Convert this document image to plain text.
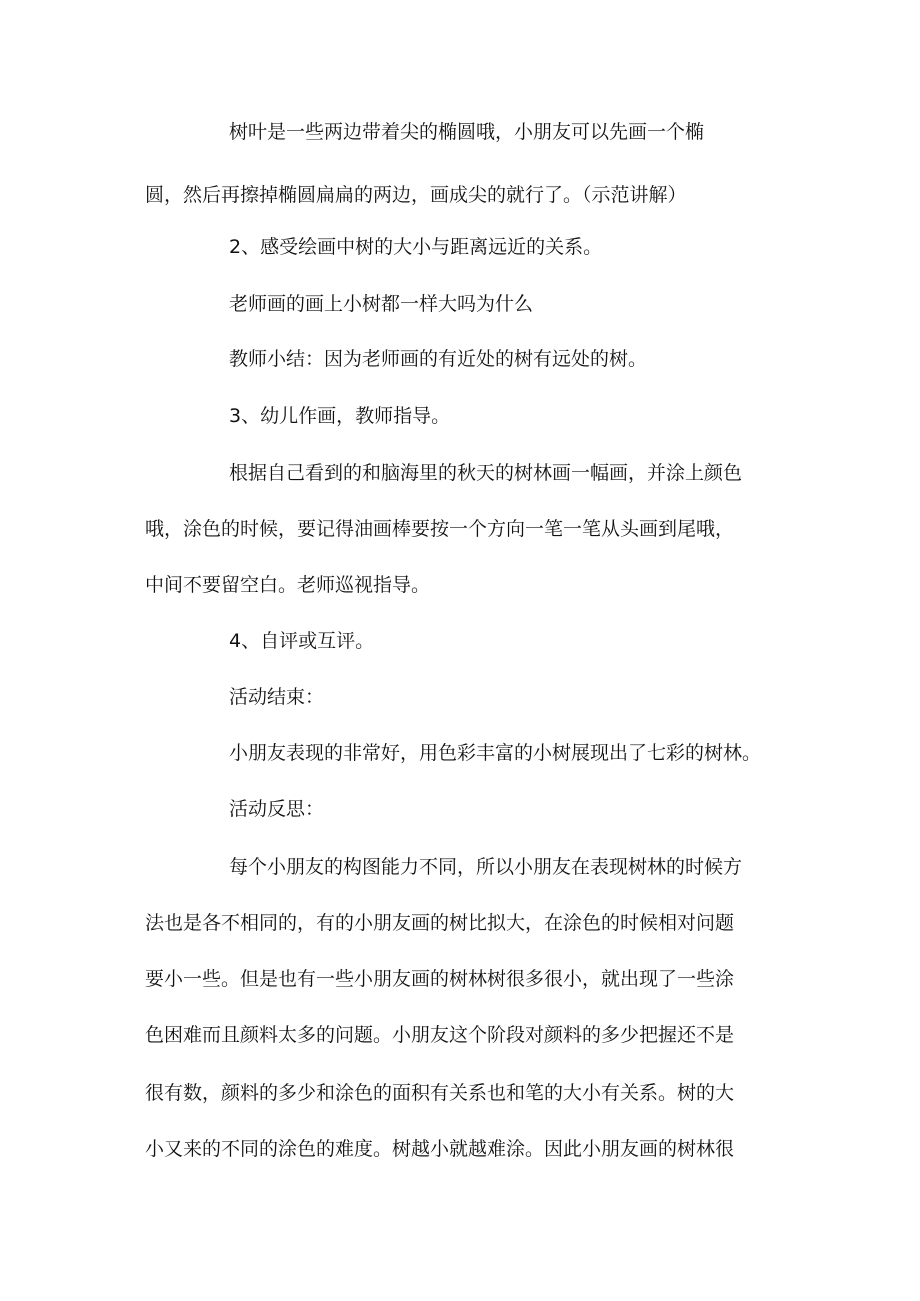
树叶是一些两边带着尖的椭圆哦，小朋友可以先画一个椭
圆，然后再擦掉椭圆扁扁的两边，画成尖的就行了。（示范讲解）
2、感受绘画中树的大小与距离远近的关系。
老师画的画上小树都一样大吗为什么
教师小结：因为老师画的有近处的树有远处的树。
3、幼儿作画，教师指导。
根据自己看到的和脑海里的秋天的树林画一幅画，并涂上颜色
哦，涂色的时候，要记得油画棒要按一个方向一笔一笔从头画到尾哦，
中间不要留空白。老师巡视指导。
4、自评或互评。
活动结束：
小朋友表现的非常好，用色彩丰富的小树展现出了七彩的树林。
活动反思：
每个小朋友的构图能力不同，所以小朋友在表现树林的时候方
法也是各不相同的，有的小朋友画的树比拟大，在涂色的时候相对问题
要小一些。但是也有一些小朋友画的树林树很多很小，就出现了一些涂
色困难而且颜料太多的问题。小朋友这个阶段对颜料的多少把握还不是
很有数，颜料的多少和涂色的面积有关系也和笔的大小有关系。树的大
小又来的不同的涂色的难度。树越小就越难涂。因此小朋友画的树林很
